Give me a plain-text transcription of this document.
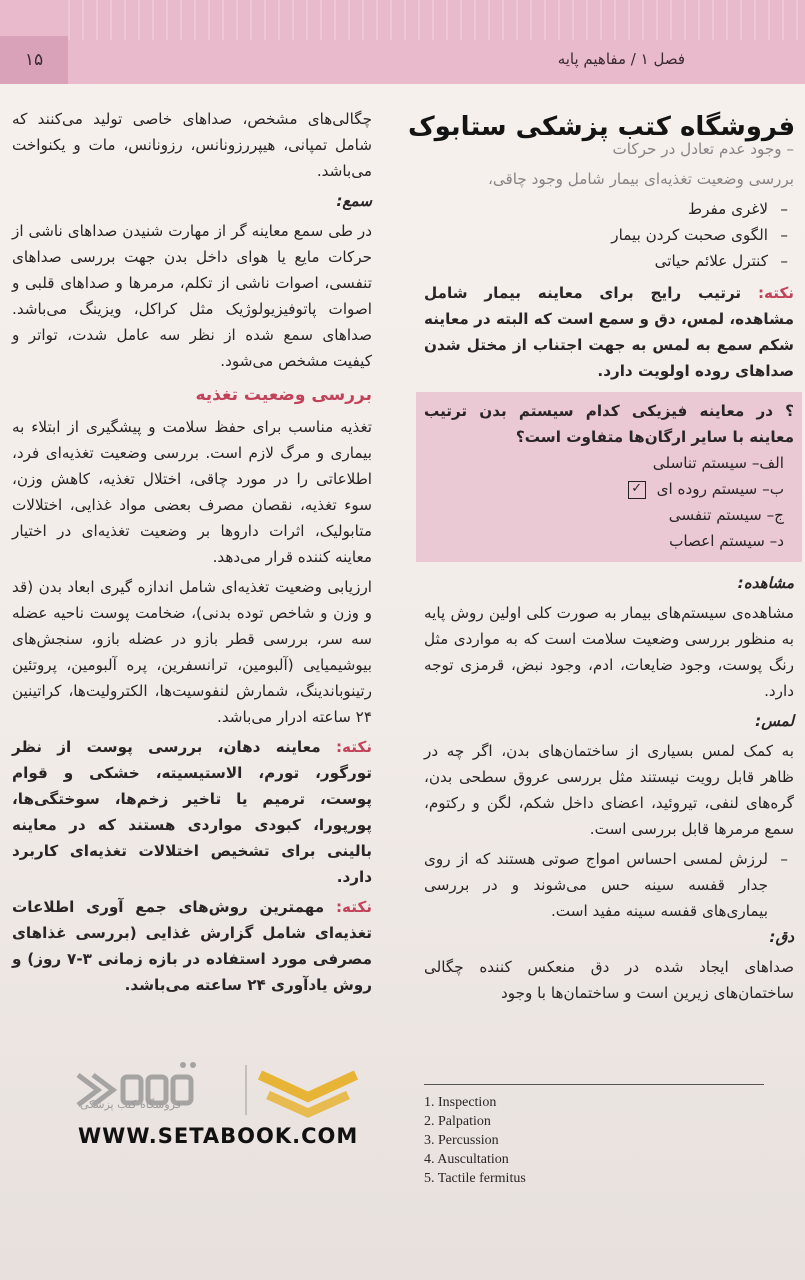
۱۵	فصل ۱ / مفاهیم پایه
فروشگاه کتب پزشکی ستابوک

چگالی‌های مشخص، صداهای خاصی تولید می‌کنند که شامل تمپانی، هیپررزونانس، رزونانس، مات و یکنواخت می‌باشد.

سمع:

در طی سمع معاینه گر از مهارت شنیدن صداهای ناشی از حرکات مایع یا هوای داخل بدن جهت بررسی صداهای تنفسی، اصوات ناشی از تکلم، مرمرها و صداهای قلبی و اصوات پاتوفیزیولوژیک مثل کراکل، ویزینگ می‌باشد. صداهای سمع شده از نظر سه عامل شدت، تواتر و کیفیت مشخص می‌شود.

بررسی وضعیت تغذیه

تغذیه مناسب برای حفظ سلامت و پیشگیری از ابتلاء به بیماری و مرگ لازم است. بررسی وضعیت تغذیه‌ای فرد، اطلاعاتی را در مورد چاقی، اختلال تغذیه، کاهش وزن، سوء تغذیه، نقصان مصرف بعضی مواد غذایی، اختلالات متابولیک، اثرات داروها بر وضعیت تغذیه‌ای در اختیار معاینه کننده قرار می‌دهد.

ارزیابی وضعیت تغذیه‌ای شامل اندازه گیری ابعاد بدن (قد و وزن و شاخص توده بدنی)، ضخامت پوست ناحیه عضله سه سر، بررسی قطر بازو در عضله بازو، سنجش‌های بیوشیمیایی (آلبومین، ترانسفرین، پره آلبومین، پروتئین رتینوباندینگ، شمارش لنفوسیت‌ها، الکترولیت‌ها، کراتینین ۲۴ ساعته ادرار می‌باشد.

نکته: معاینه دهان، بررسی پوست از نظر تورگور، تورم، الاستیسیته، خشکی و قوام پوست، ترمیم یا تاخیر زخم‌ها، سوختگی‌ها، پورپورا، کبودی مواردی هستند که در معاینه بالینی برای تشخیص اختلالات تغذیه‌ای کاربرد دارد.

نکته: مهمترین روش‌های جمع آوری اطلاعات تغذیه‌ای شامل گزارش غذایی (بررسی غذاهای مصرفی مورد استفاده در بازه زمانی ۳-۷ روز) و روش یادآوری ۲۴ ساعته می‌باشد.

– وجود عدم تعادل در حرکات

بررسی وضعیت تغذیه‌ای بیمار شامل وجود چاقی،

– لاغری مفرط
– الگوی صحبت کردن بیمار
– کنترل علائم حیاتی

نکته: ترتیب رایج برای معاینه بیمار شامل مشاهده، لمس، دق و سمع است که البته در معاینه شکم سمع به لمس به جهت اجتناب از مختل شدن صداهای روده اولویت دارد.

؟ در معاینه فیزیکی کدام سیستم بدن ترتیب معاینه با سایر ارگان‌ها متفاوت است؟
الف– سیستم تناسلی
ب– سیستم روده ای ✓
ج– سیستم تنفسی
د– سیستم اعصاب

مشاهده:

مشاهده‌ی سیستم‌های بیمار به صورت کلی اولین روش پایه به منظور بررسی وضعیت سلامت است که به مواردی مثل رنگ پوست، وجود ضایعات، ادم، وجود نبض، قرمزی توجه دارد.

لمس:

به کمک لمس بسیاری از ساختمان‌های بدن، اگر چه در ظاهر قابل رویت نیستند مثل بررسی عروق سطحی بدن، گره‌های لنفی، تیروئید، اعضای داخل شکم، لگن و رکتوم، سمع مرمرها قابل بررسی است.

– لرزش لمسی احساس امواج صوتی هستند که از روی جدار قفسه سینه حس می‌شوند و در بررسی بیماری‌های قفسه سینه مفید است.

دق:

صداهای ایجاد شده در دق منعکس کننده چگالی ساختمان‌های زیرین است و ساختمان‌ها با وجود

1. Inspection
2. Palpation
3. Percussion
4. Auscultation
5. Tactile fermitus
فروشگاه کتب پزشکی
WWW.SETABOOK.COM
